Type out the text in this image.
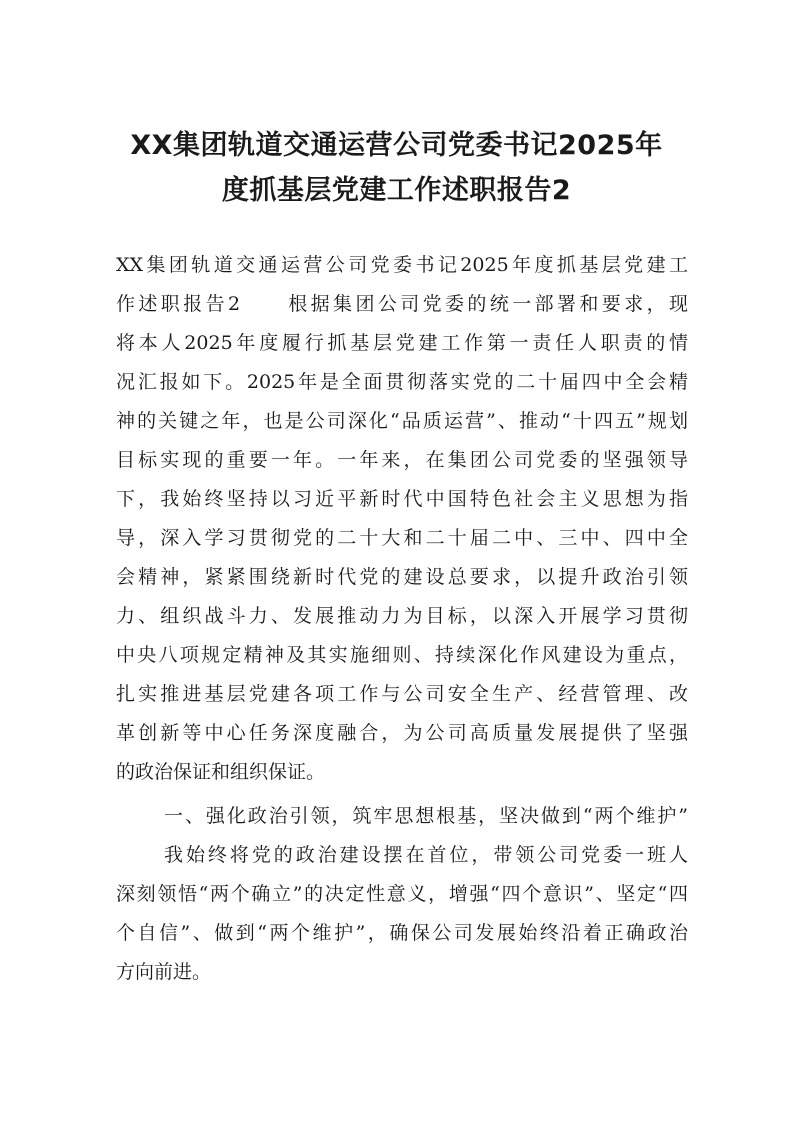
XX集团轨道交通运营公司党委书记2025年
度抓基层党建工作述职报告2
XX集团轨道交通运营公司党委书记2025年度抓基层党建工
作述职报告2　　根据集团公司党委的统一部署和要求，现
将本人2025年度履行抓基层党建工作第一责任人职责的情
况汇报如下。2025年是全面贯彻落实党的二十届四中全会精
神的关键之年，也是公司深化“品质运营”、推动“十四五”规划
目标实现的重要一年。一年来，在集团公司党委的坚强领导
下，我始终坚持以习近平新时代中国特色社会主义思想为指
导，深入学习贯彻党的二十大和二十届二中、三中、四中全
会精神，紧紧围绕新时代党的建设总要求，以提升政治引领
力、组织战斗力、发展推动力为目标，以深入开展学习贯彻
中央八项规定精神及其实施细则、持续深化作风建设为重点，
扎实推进基层党建各项工作与公司安全生产、经营管理、改
革创新等中心任务深度融合，为公司高质量发展提供了坚强
的政治保证和组织保证。
一、强化政治引领，筑牢思想根基，坚决做到“两个维护”
我始终将党的政治建设摆在首位，带领公司党委一班人
深刻领悟“两个确立”的决定性意义，增强“四个意识”、坚定“四
个自信”、做到“两个维护”，确保公司发展始终沿着正确政治
方向前进。
